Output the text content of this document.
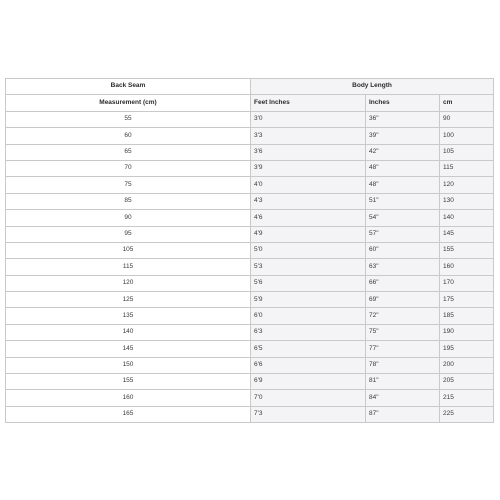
Back Seam	Body Length		
Measurement (cm)	Feet Inches	Inches	cm
55	3'0	36"	90
60	3'3	39"	100
65	3'6	42"	105
70	3'9	48"	115
75	4'0	48"	120
85	4'3	51"	130
90	4'6	54"	140
95	4'9	57"	145
105	5'0	60"	155
115	5'3	63"	160
120	5'6	66"	170
125	5'9	69"	175
135	6'0	72"	185
140	6'3	75"	190
145	6'5	77"	195
150	6'6	78"	200
155	6'9	81"	205
160	7'0	84"	215
165	7'3	87"	225
